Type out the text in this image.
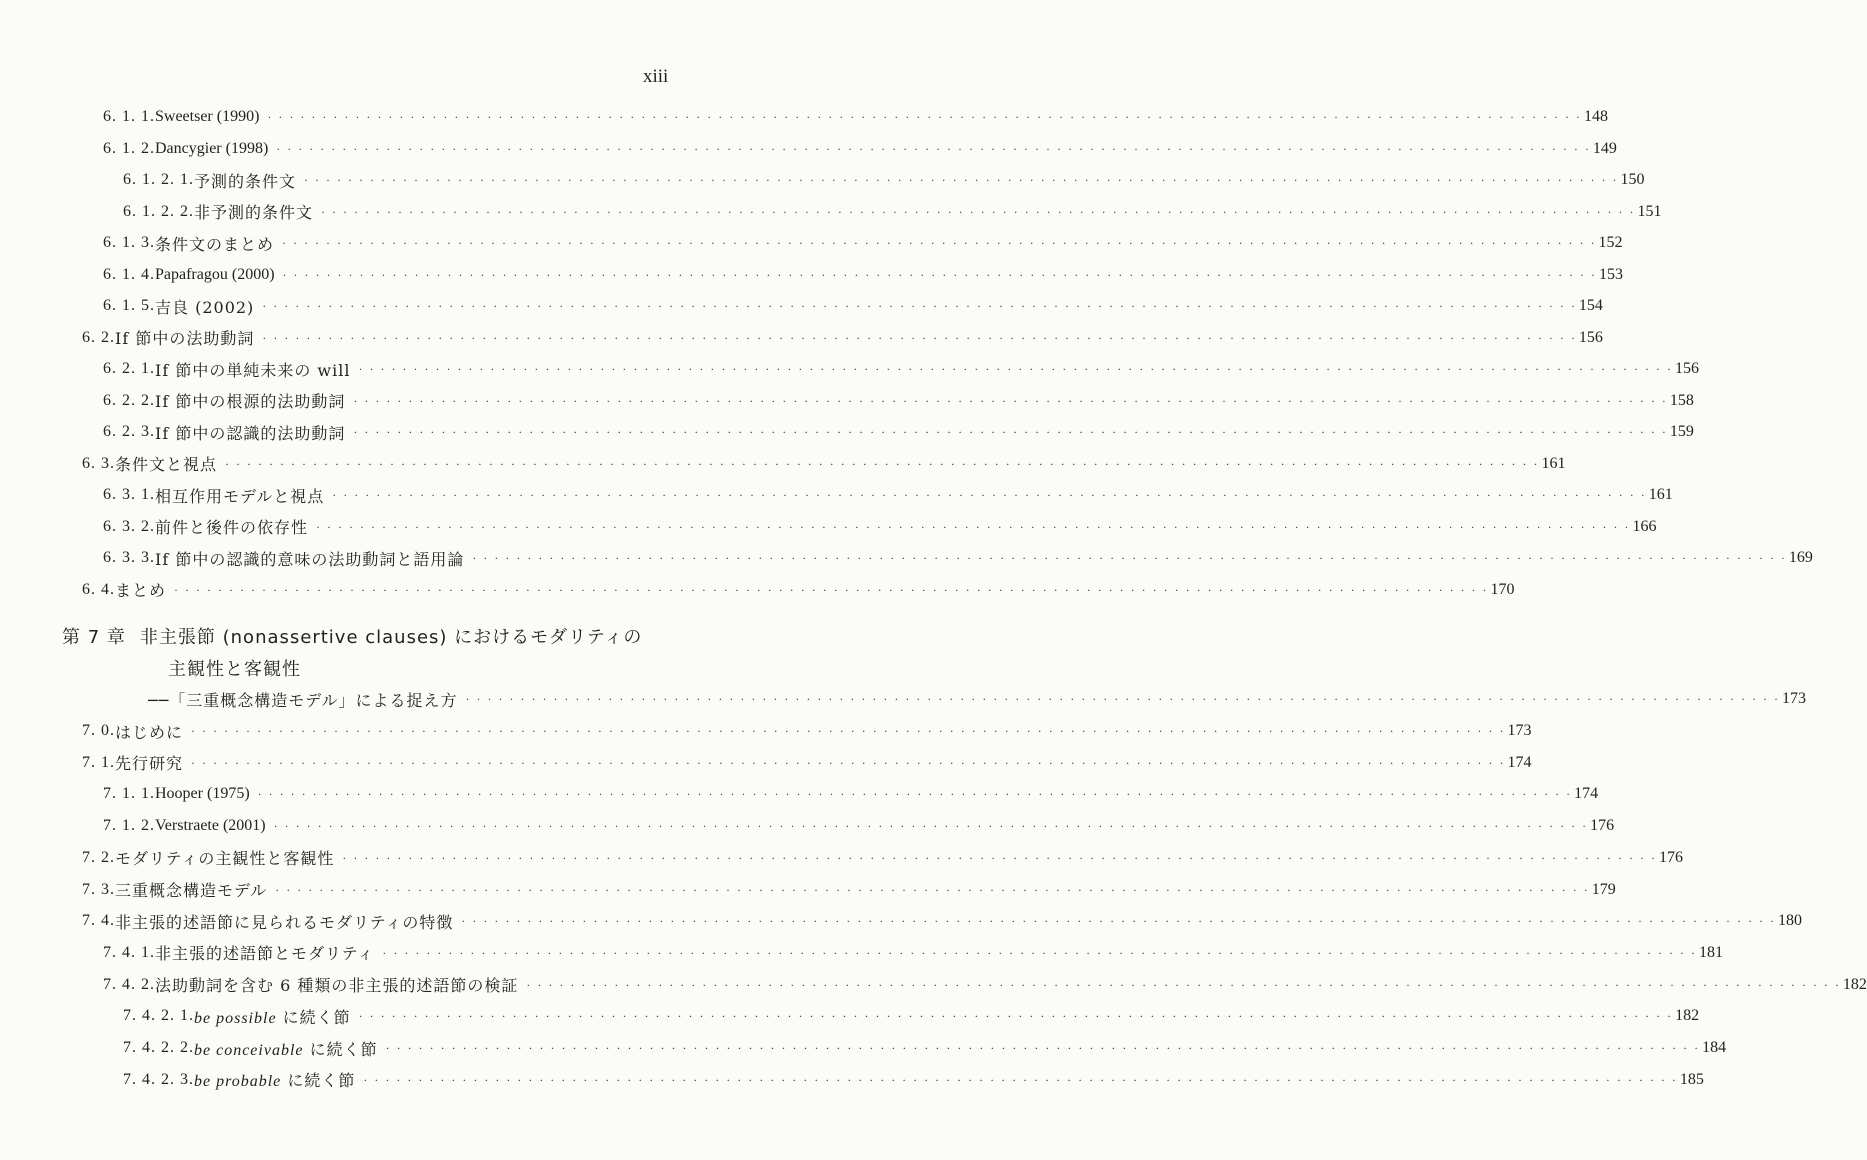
xiii
6. 1. 1. Sweetser (1990) · · · · · · · · · · · · · · · · · · · · · · · · · · · · · · · · · · · · · · · · · · · · · · · · · · · · · · · · · · · · · · · · · · · · · · · · · · · · · · · · · · · · · · · · · · · · · · · · · · · · · · · · · · · · · · · · · · · · · · · · 148
6. 1. 2. Dancygier (1998) · · · · · · · · · · · · · · · · · · · · · · · · · · · · · · · · · · · · · · · · · · · · · · · · · · · · · · · · · · · · · · · · · · · · · · · · · · · · · · · · · · · · · · · · · · · · · · · · · · · · · · · · · · · · · · · · · · · · · · · · 149
6. 1. 2. 1. 予測的条件文 · · · · · · · · · · · · · · · · · · · · · · · · · · · · · · · · · · · · · · · · · · · · · · · · · · · · · · · · · · · · · · · · · · · · · · · · · · · · · · · · · · · · · · · · · · · · · · · · · · · · · · · · · · · · · · · · · · · · · · · · 150
6. 1. 2. 2. 非予測的条件文 · · · · · · · · · · · · · · · · · · · · · · · · · · · · · · · · · · · · · · · · · · · · · · · · · · · · · · · · · · · · · · · · · · · · · · · · · · · · · · · · · · · · · · · · · · · · · · · · · · · · · · · · · · · · · · · · · · · · · · · · 151
6. 1. 3. 条件文のまとめ · · · · · · · · · · · · · · · · · · · · · · · · · · · · · · · · · · · · · · · · · · · · · · · · · · · · · · · · · · · · · · · · · · · · · · · · · · · · · · · · · · · · · · · · · · · · · · · · · · · · · · · · · · · · · · · · · · · · · · · · 152
6. 1. 4. Papafragou (2000) · · · · · · · · · · · · · · · · · · · · · · · · · · · · · · · · · · · · · · · · · · · · · · · · · · · · · · · · · · · · · · · · · · · · · · · · · · · · · · · · · · · · · · · · · · · · · · · · · · · · · · · · · · · · · · · · · · · · · · · · 153
6. 1. 5. 吉良 (2002) · · · · · · · · · · · · · · · · · · · · · · · · · · · · · · · · · · · · · · · · · · · · · · · · · · · · · · · · · · · · · · · · · · · · · · · · · · · · · · · · · · · · · · · · · · · · · · · · · · · · · · · · · · · · · · · · · · · · · · · · 154
6. 2. If 節中の法助動詞 · · · · · · · · · · · · · · · · · · · · · · · · · · · · · · · · · · · · · · · · · · · · · · · · · · · · · · · · · · · · · · · · · · · · · · · · · · · · · · · · · · · · · · · · · · · · · · · · · · · · · · · · · · · · · · · · · · · · · · · · 156
6. 2. 1. If 節中の単純未来の will · · · · · · · · · · · · · · · · · · · · · · · · · · · · · · · · · · · · · · · · · · · · · · · · · · · · · · · · · · · · · · · · · · · · · · · · · · · · · · · · · · · · · · · · · · · · · · · · · · · · · · · · · · · · · · · · · · · · · · · · 156
6. 2. 2. If 節中の根源的法助動詞 · · · · · · · · · · · · · · · · · · · · · · · · · · · · · · · · · · · · · · · · · · · · · · · · · · · · · · · · · · · · · · · · · · · · · · · · · · · · · · · · · · · · · · · · · · · · · · · · · · · · · · · · · · · · · · · · · · · · · · · · 158
6. 2. 3. If 節中の認識的法助動詞 · · · · · · · · · · · · · · · · · · · · · · · · · · · · · · · · · · · · · · · · · · · · · · · · · · · · · · · · · · · · · · · · · · · · · · · · · · · · · · · · · · · · · · · · · · · · · · · · · · · · · · · · · · · · · · · · · · · · · · · · 159
6. 3. 条件文と視点 · · · · · · · · · · · · · · · · · · · · · · · · · · · · · · · · · · · · · · · · · · · · · · · · · · · · · · · · · · · · · · · · · · · · · · · · · · · · · · · · · · · · · · · · · · · · · · · · · · · · · · · · · · · · · · · · · · · · · · · · 161
6. 3. 1. 相互作用モデルと視点 · · · · · · · · · · · · · · · · · · · · · · · · · · · · · · · · · · · · · · · · · · · · · · · · · · · · · · · · · · · · · · · · · · · · · · · · · · · · · · · · · · · · · · · · · · · · · · · · · · · · · · · · · · · · · · · · · · · · · · · · 161
6. 3. 2. 前件と後件の依存性 · · · · · · · · · · · · · · · · · · · · · · · · · · · · · · · · · · · · · · · · · · · · · · · · · · · · · · · · · · · · · · · · · · · · · · · · · · · · · · · · · · · · · · · · · · · · · · · · · · · · · · · · · · · · · · · · · · · · · · · · 166
6. 3. 3. If 節中の認識的意味の法助動詞と語用論 · · · · · · · · · · · · · · · · · · · · · · · · · · · · · · · · · · · · · · · · · · · · · · · · · · · · · · · · · · · · · · · · · · · · · · · · · · · · · · · · · · · · · · · · · · · · · · · · · · · · · · · · · · · · · · · · · · · · · · · · 169
6. 4. まとめ · · · · · · · · · · · · · · · · · · · · · · · · · · · · · · · · · · · · · · · · · · · · · · · · · · · · · · · · · · · · · · · · · · · · · · · · · · · · · · · · · · · · · · · · · · · · · · · · · · · · · · · · · · · · · · · · · · · · · · · · 170
第 7 章 非主張節 (nonassertive clauses) におけるモダリティの
主観性と客観性
──「三重概念構造モデル」による捉え方 · · · · · · · · · · · · · · · · · · · · · · · · · · · · · · · · · · · · · · · · · · · · · · · · · · · · · · · · · · · · · · · · · · · · · · · · · · · · · · · · · · · · · · · · · · · · · · · · · · · · · · · · · · · · · · · · · · · · · · · · 173
7. 0. はじめに · · · · · · · · · · · · · · · · · · · · · · · · · · · · · · · · · · · · · · · · · · · · · · · · · · · · · · · · · · · · · · · · · · · · · · · · · · · · · · · · · · · · · · · · · · · · · · · · · · · · · · · · · · · · · · · · · · · · · · · · 173
7. 1. 先行研究 · · · · · · · · · · · · · · · · · · · · · · · · · · · · · · · · · · · · · · · · · · · · · · · · · · · · · · · · · · · · · · · · · · · · · · · · · · · · · · · · · · · · · · · · · · · · · · · · · · · · · · · · · · · · · · · · · · · · · · · · 174
7. 1. 1. Hooper (1975) · · · · · · · · · · · · · · · · · · · · · · · · · · · · · · · · · · · · · · · · · · · · · · · · · · · · · · · · · · · · · · · · · · · · · · · · · · · · · · · · · · · · · · · · · · · · · · · · · · · · · · · · · · · · · · · · · · · · · · · · 174
7. 1. 2. Verstraete (2001) · · · · · · · · · · · · · · · · · · · · · · · · · · · · · · · · · · · · · · · · · · · · · · · · · · · · · · · · · · · · · · · · · · · · · · · · · · · · · · · · · · · · · · · · · · · · · · · · · · · · · · · · · · · · · · · · · · · · · · · · 176
7. 2. モダリティの主観性と客観性 · · · · · · · · · · · · · · · · · · · · · · · · · · · · · · · · · · · · · · · · · · · · · · · · · · · · · · · · · · · · · · · · · · · · · · · · · · · · · · · · · · · · · · · · · · · · · · · · · · · · · · · · · · · · · · · · · · · · · · · · 176
7. 3. 三重概念構造モデル · · · · · · · · · · · · · · · · · · · · · · · · · · · · · · · · · · · · · · · · · · · · · · · · · · · · · · · · · · · · · · · · · · · · · · · · · · · · · · · · · · · · · · · · · · · · · · · · · · · · · · · · · · · · · · · · · · · · · · · · 179
7. 4. 非主張的述語節に見られるモダリティの特徴 · · · · · · · · · · · · · · · · · · · · · · · · · · · · · · · · · · · · · · · · · · · · · · · · · · · · · · · · · · · · · · · · · · · · · · · · · · · · · · · · · · · · · · · · · · · · · · · · · · · · · · · · · · · · · · · · · · · · · · · · 180
7. 4. 1. 非主張的述語節とモダリティ · · · · · · · · · · · · · · · · · · · · · · · · · · · · · · · · · · · · · · · · · · · · · · · · · · · · · · · · · · · · · · · · · · · · · · · · · · · · · · · · · · · · · · · · · · · · · · · · · · · · · · · · · · · · · · · · · · · · · · · · 181
7. 4. 2. 法助動詞を含む 6 種類の非主張的述語節の検証 · · · · · · · · · · · · · · · · · · · · · · · · · · · · · · · · · · · · · · · · · · · · · · · · · · · · · · · · · · · · · · · · · · · · · · · · · · · · · · · · · · · · · · · · · · · · · · · · · · · · · · · · · · · · · · · · · · · · · · · · 182
7. 4. 2. 1. be possible に続く節 · · · · · · · · · · · · · · · · · · · · · · · · · · · · · · · · · · · · · · · · · · · · · · · · · · · · · · · · · · · · · · · · · · · · · · · · · · · · · · · · · · · · · · · · · · · · · · · · · · · · · · · · · · · · · · · · · · · · · · · · 182
7. 4. 2. 2. be conceivable に続く節 · · · · · · · · · · · · · · · · · · · · · · · · · · · · · · · · · · · · · · · · · · · · · · · · · · · · · · · · · · · · · · · · · · · · · · · · · · · · · · · · · · · · · · · · · · · · · · · · · · · · · · · · · · · · · · · · · · · · · · · · 184
7. 4. 2. 3. be probable に続く節 · · · · · · · · · · · · · · · · · · · · · · · · · · · · · · · · · · · · · · · · · · · · · · · · · · · · · · · · · · · · · · · · · · · · · · · · · · · · · · · · · · · · · · · · · · · · · · · · · · · · · · · · · · · · · · · · · · · · · · · · 185
